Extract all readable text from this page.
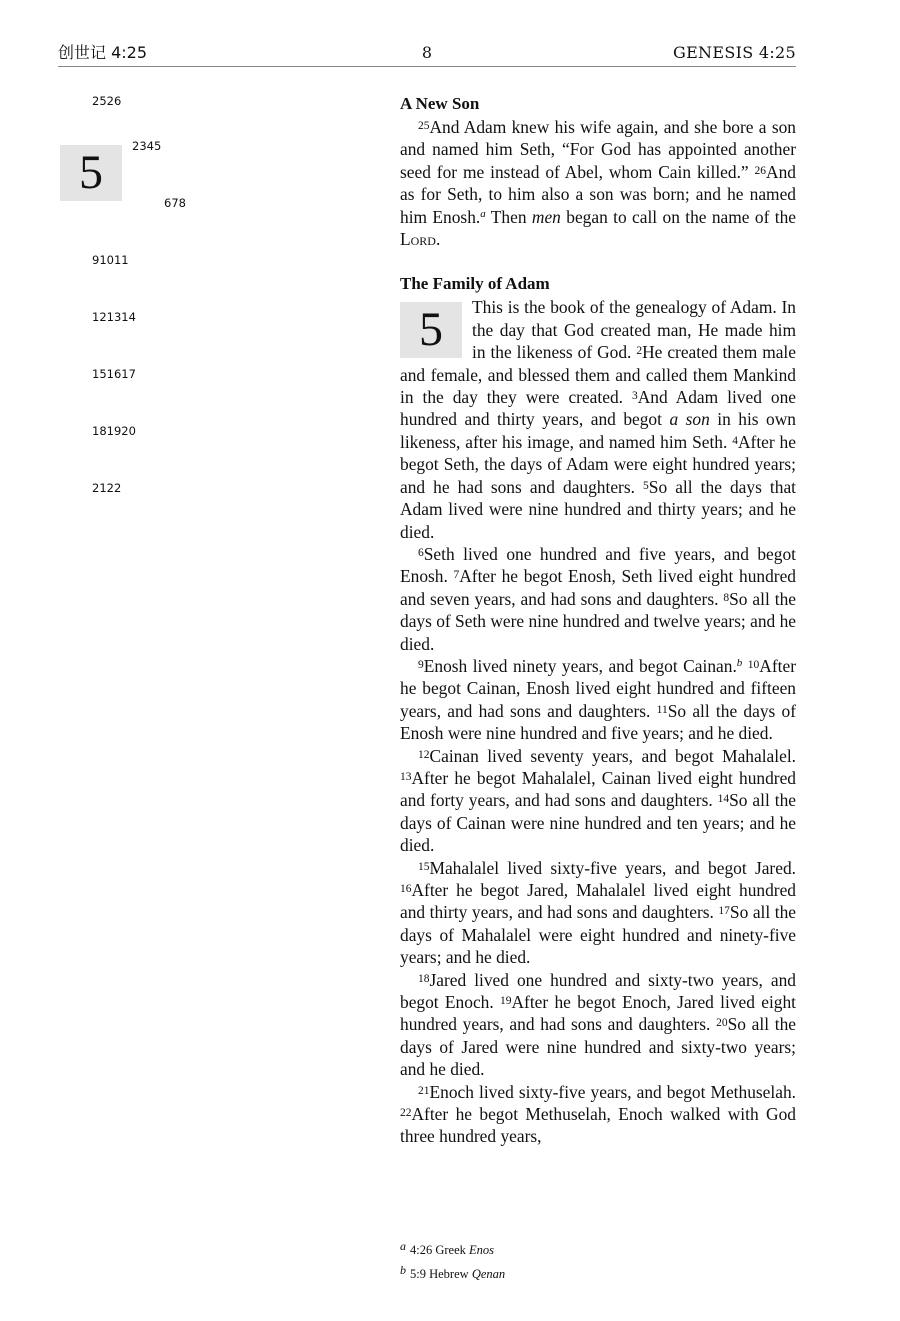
创世记 4:25	8	GENESIS 4:25

$^{2526}$

5	$^{2345}$

$^{678}$

$^{91011}$

$^{121314}$

$^{151617}$

$^{181920}$

$^{2122}$

A New Son

$^{25}$And Adam knew his wife again, and she bore a son and named him Seth, “For God has appointed another seed for me instead of Abel, whom Cain killed.” $^{26}$And as for Seth, to him also a son was born; and he named him Enosh.$^a$ Then men began to call on the name of the Lord.

The Family of Adam

5	This is the book of the genealogy of Adam. In the day that God created man, He made him in the likeness of God. $^2$He created them male and female, and blessed them and called them Mankind in the day they were created. $^3$And Adam lived one hundred and thirty years, and begot a son in his own likeness, after his image, and named him Seth. $^4$After he begot Seth, the days of Adam were eight hundred years; and he had sons and daughters. $^5$So all the days that Adam lived were nine hundred and thirty years; and he died.

$^6$Seth lived one hundred and five years, and begot Enosh. $^7$After he begot Enosh, Seth lived eight hundred and seven years, and had sons and daughters. $^8$So all the days of Seth were nine hundred and twelve years; and he died.

$^9$Enosh lived ninety years, and begot Cainan.$^b$ $^{10}$After he begot Cainan, Enosh lived eight hundred and fifteen years, and had sons and daughters. $^{11}$So all the days of Enosh were nine hundred and five years; and he died.

$^{12}$Cainan lived seventy years, and begot Mahalalel. $^{13}$After he begot Mahalalel, Cainan lived eight hundred and forty years, and had sons and daughters. $^{14}$So all the days of Cainan were nine hundred and ten years; and he died.

$^{15}$Mahalalel lived sixty-five years, and begot Jared. $^{16}$After he begot Jared, Mahalalel lived eight hundred and thirty years, and had sons and daughters. $^{17}$So all the days of Mahalalel were eight hundred and ninety-five years; and he died.

$^{18}$Jared lived one hundred and sixty-two years, and begot Enoch. $^{19}$After he begot Enoch, Jared lived eight hundred years, and had sons and daughters. $^{20}$So all the days of Jared were nine hundred and sixty-two years; and he died.

$^{21}$Enoch lived sixty-five years, and begot Methuselah. $^{22}$After he begot Methuselah, Enoch walked with God three hundred years,

a 4:26 Greek Enos
b 5:9 Hebrew Qenan
